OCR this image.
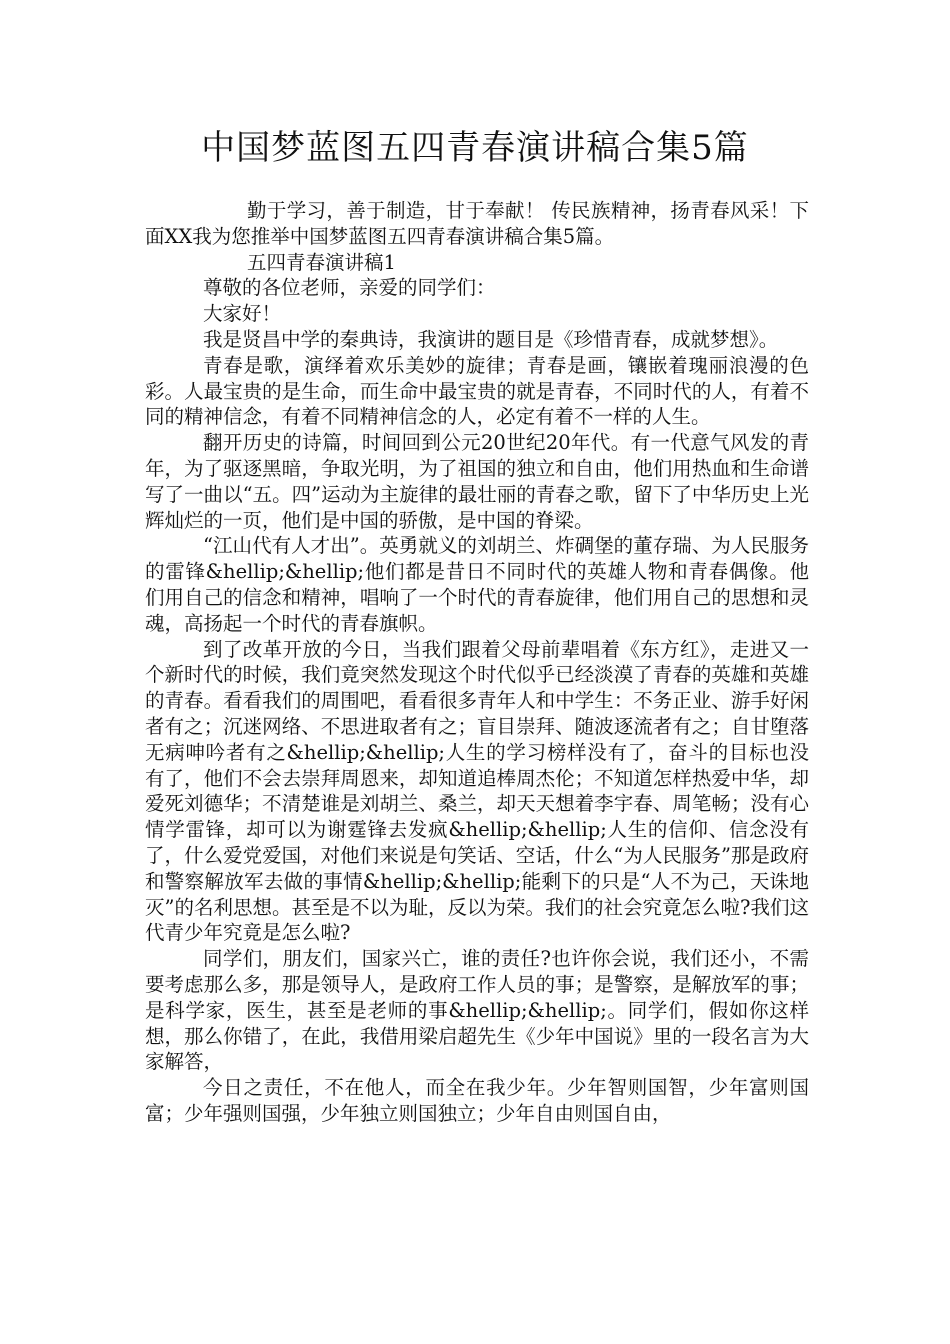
中国梦蓝图五四青春演讲稿合集5篇

勤于学习，善于制造，甘于奉献！ 传民族精神，扬青春风采！下面XX我为您推举中国梦蓝图五四青春演讲稿合集5篇。

五四青春演讲稿1

尊敬的各位老师，亲爱的同学们：

大家好！

我是贤昌中学的秦典诗，我演讲的题目是《珍惜青春，成就梦想》。

青春是歌，演绎着欢乐美妙的旋律；青春是画，镶嵌着瑰丽浪漫的色彩。人最宝贵的是生命，而生命中最宝贵的就是青春，不同时代的人，有着不同的精神信念，有着不同精神信念的人，必定有着不一样的人生。

翻开历史的诗篇，时间回到公元20世纪20年代。有一代意气风发的青年，为了驱逐黑暗，争取光明，为了祖国的独立和自由，他们用热血和生命谱写了一曲以“五。四”运动为主旋律的最壮丽的青春之歌，留下了中华历史上光辉灿烂的一页，他们是中国的骄傲，是中国的脊梁。

“江山代有人才出”。英勇就义的刘胡兰、炸碉堡的董存瑞、为人民服务的雷锋&hellip;&hellip;他们都是昔日不同时代的英雄人物和青春偶像。他们用自己的信念和精神，唱响了一个时代的青春旋律，他们用自己的思想和灵魂，高扬起一个时代的青春旗帜。

到了改革开放的今日，当我们跟着父母前辈唱着《东方红》，走进又一个新时代的时候，我们竟突然发现这个时代似乎已经淡漠了青春的英雄和英雄的青春。看看我们的周围吧，看看很多青年人和中学生：不务正业、游手好闲者有之；沉迷网络、不思进取者有之；盲目崇拜、随波逐流者有之；自甘堕落无病呻吟者有之&hellip;&hellip;人生的学习榜样没有了，奋斗的目标也没有了，他们不会去崇拜周恩来，却知道追棒周杰伦；不知道怎样热爱中华，却爱死刘德华；不清楚谁是刘胡兰、桑兰，却天天想着李宇春、周笔畅；没有心情学雷锋，却可以为谢霆锋去发疯&hellip;&hellip;人生的信仰、信念没有了，什么爱党爱国，对他们来说是句笑话、空话，什么“为人民服务”那是政府和警察解放军去做的事情&hellip;&hellip;能剩下的只是“人不为己，天诛地灭”的名利思想。甚至是不以为耻，反以为荣。我们的社会究竟怎么啦?我们这代青少年究竟是怎么啦?

同学们，朋友们，国家兴亡，谁的责任?也许你会说，我们还小，不需要考虑那么多，那是领导人，是政府工作人员的事；是警察，是解放军的事；是科学家，医生，甚至是老师的事&hellip;&hellip;。同学们，假如你这样想，那么你错了，在此，我借用梁启超先生《少年中国说》里的一段名言为大家解答，

今日之责任，不在他人，而全在我少年。少年智则国智，少年富则国富；少年强则国强，少年独立则国独立；少年自由则国自由，
